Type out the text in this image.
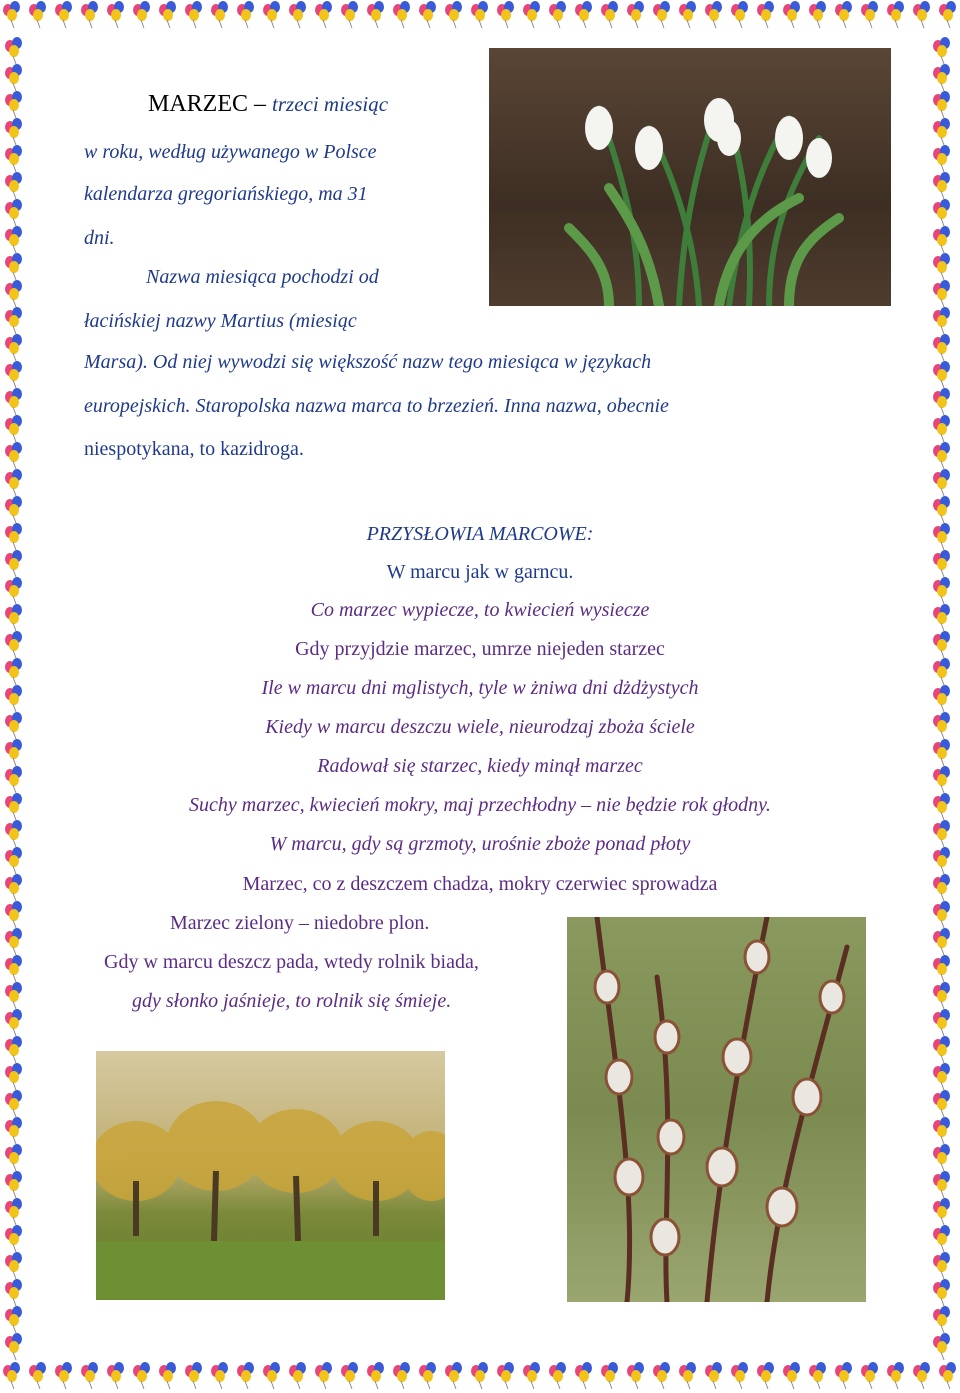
MARZEC – trzeci miesiąc
w roku, według używanego w Polsce
kalendarza gregoriańskiego, ma 31
dni.
Nazwa miesiąca pochodzi od
łacińskiej nazwy Martius (miesiąc
Marsa). Od niej wywodzi się większość nazw tego miesiąca w językach
europejskich. Staropolska nazwa marca to brzezień. Inna nazwa, obecnie
niespotykana, to kazidroga.
PRZYSŁOWIA MARCOWE:
W marcu jak w garncu.
Co marzec wypiecze, to kwiecień wysiecze
Gdy przyjdzie marzec, umrze niejeden starzec
Ile w marcu dni mglistych, tyle w żniwa dni dżdżystych
Kiedy w marcu deszczu wiele, nieurodzaj zboża ściele
Radował się starzec, kiedy minął marzec
Suchy marzec, kwiecień mokry, maj przechłodny – nie będzie rok głodny.
W marcu, gdy są grzmoty, urośnie zboże ponad płoty
Marzec, co z deszczem chadza, mokry czerwiec sprowadza
Marzec zielony – niedobre plon.
Gdy w marcu deszcz pada, wtedy rolnik biada,
gdy słonko jaśnieje, to rolnik się śmieje.
